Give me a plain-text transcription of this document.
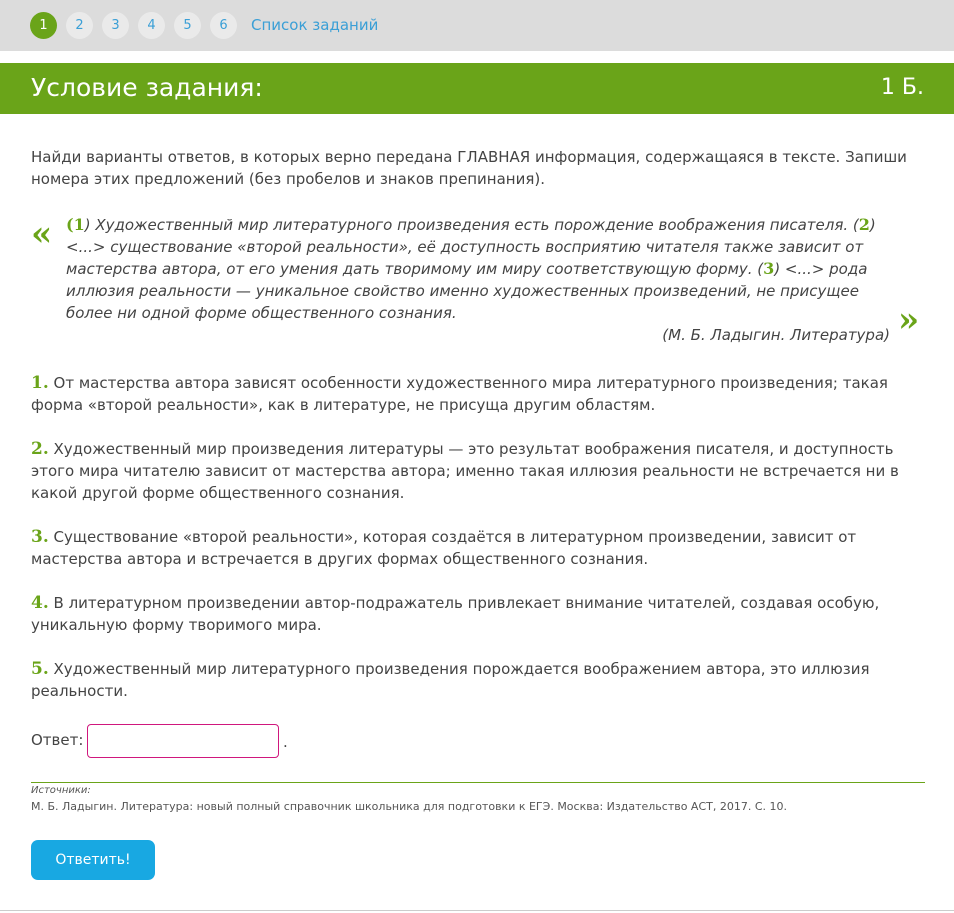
1	2	3	4	5	6	Список заданий
Условие задания:	1 Б.
Найди варианты ответов, в которых верно передана ГЛАВНАЯ информация, содержащаяся в тексте. Запиши номера этих предложений (без пробелов и знаков препинания).
« (1) Художественный мир литературного произведения есть порождение воображения писателя. (2) <...> существование «второй реальности», её доступность восприятию читателя также зависит от мастерства автора, от его умения дать творимому им миру соответствующую форму. (3) <...> рода иллюзия реальности — уникальное свойство именно художественных произведений, не присущее более ни одной форме общественного сознания.
(М. Б. Ладыгин. Литература) »
1. От мастерства автора зависят особенности художественного мира литературного произведения; такая форма «второй реальности», как в литературе, не присуща другим областям.
2. Художественный мир произведения литературы — это результат воображения писателя, и доступность этого мира читателю зависит от мастерства автора; именно такая иллюзия реальности не встречается ни в какой другой форме общественного сознания.
3. Существование «второй реальности», которая создаётся в литературном произведении, зависит от мастерства автора и встречается в других формах общественного сознания.
4. В литературном произведении автор-подражатель привлекает внимание читателей, создавая особую, уникальную форму творимого мира.
5. Художественный мир литературного произведения порождается воображением автора, это иллюзия реальности.
Ответ:	.
Источники:
М. Б. Ладыгин. Литература: новый полный справочник школьника для подготовки к ЕГЭ. Москва: Издательство АСТ, 2017. С. 10.
Ответить!
